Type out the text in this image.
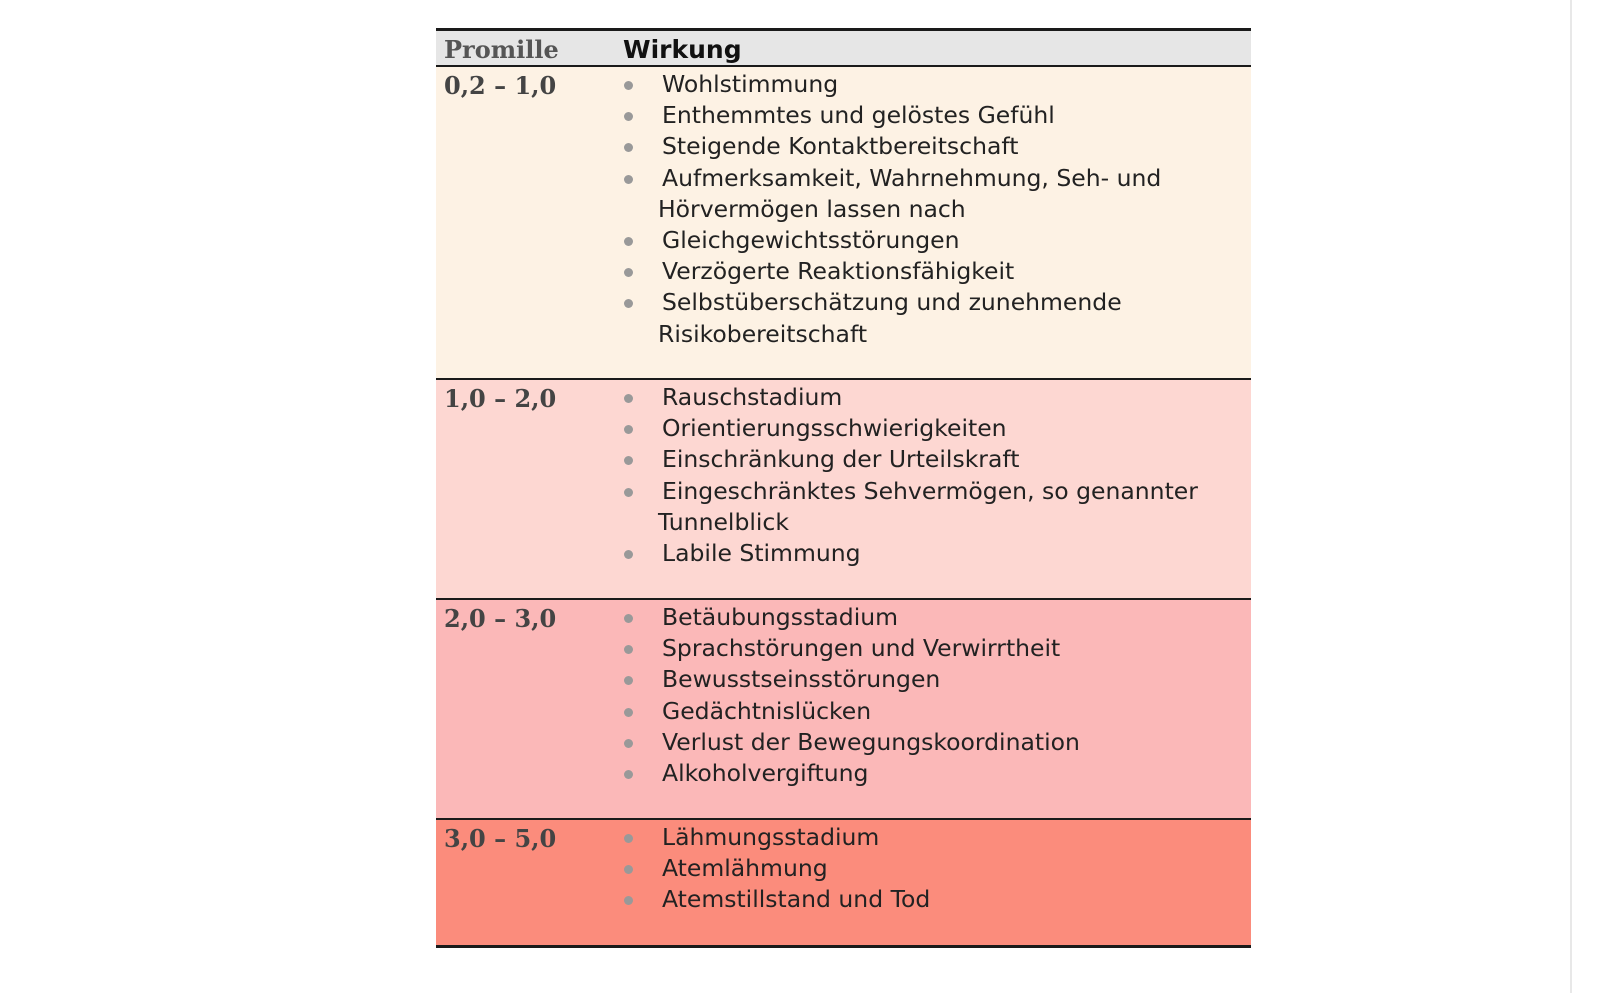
Promille	Wirkung
0,2 – 1,0	Wohlstimmung
Enthemmtes und gelöstes Gefühl
Steigende Kontaktbereitschaft
Aufmerksamkeit, Wahrnehmung, Seh- und Hörvermögen lassen nach
Gleichgewichtsstörungen
Verzögerte Reaktionsfähigkeit
Selbstüberschätzung und zunehmende Risikobereitschaft
1,0 – 2,0	Rauschstadium
Orientierungsschwierigkeiten
Einschränkung der Urteilskraft
Eingeschränktes Sehvermögen, so genannter Tunnelblick
Labile Stimmung
2,0 – 3,0	Betäubungsstadium
Sprachstörungen und Verwirrtheit
Bewusstseinsstörungen
Gedächtnislücken
Verlust der Bewegungskoordination
Alkoholvergiftung
3,0 – 5,0	Lähmungsstadium
Atemlähmung
Atemstillstand und Tod
